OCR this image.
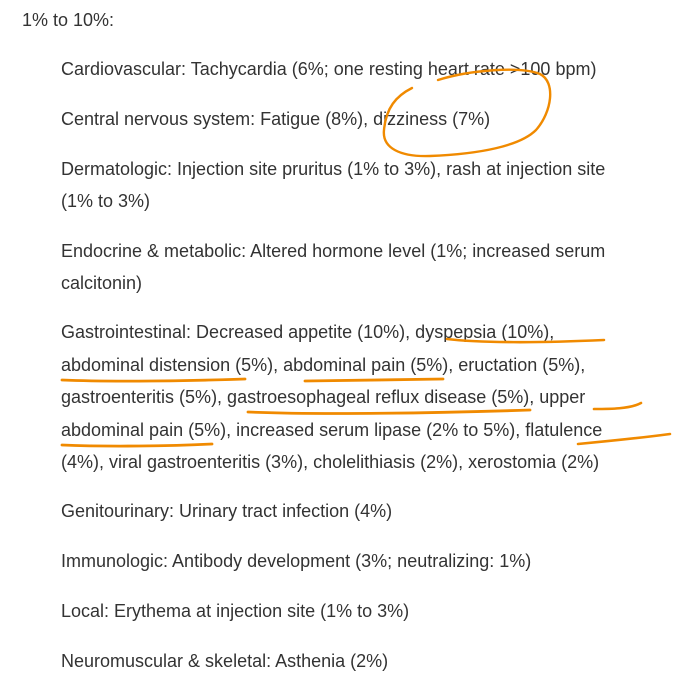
1% to 10%:

Cardiovascular: Tachycardia (6%; one resting heart rate >100 bpm)

Central nervous system: Fatigue (8%), dizziness (7%)

Dermatologic: Injection site pruritus (1% to 3%), rash at injection site

(1% to 3%)

Endocrine & metabolic: Altered hormone level (1%; increased serum

calcitonin)

Gastrointestinal: Decreased appetite (10%), dyspepsia (10%),

abdominal distension (5%), abdominal pain (5%), eructation (5%),

gastroenteritis (5%), gastroesophageal reflux disease (5%), upper

abdominal pain (5%), increased serum lipase (2% to 5%), flatulence

(4%), viral gastroenteritis (3%), cholelithiasis (2%), xerostomia (2%)

Genitourinary: Urinary tract infection (4%)

Immunologic: Antibody development (3%; neutralizing: 1%)

Local: Erythema at injection site (1% to 3%)

Neuromuscular & skeletal: Asthenia (2%)
